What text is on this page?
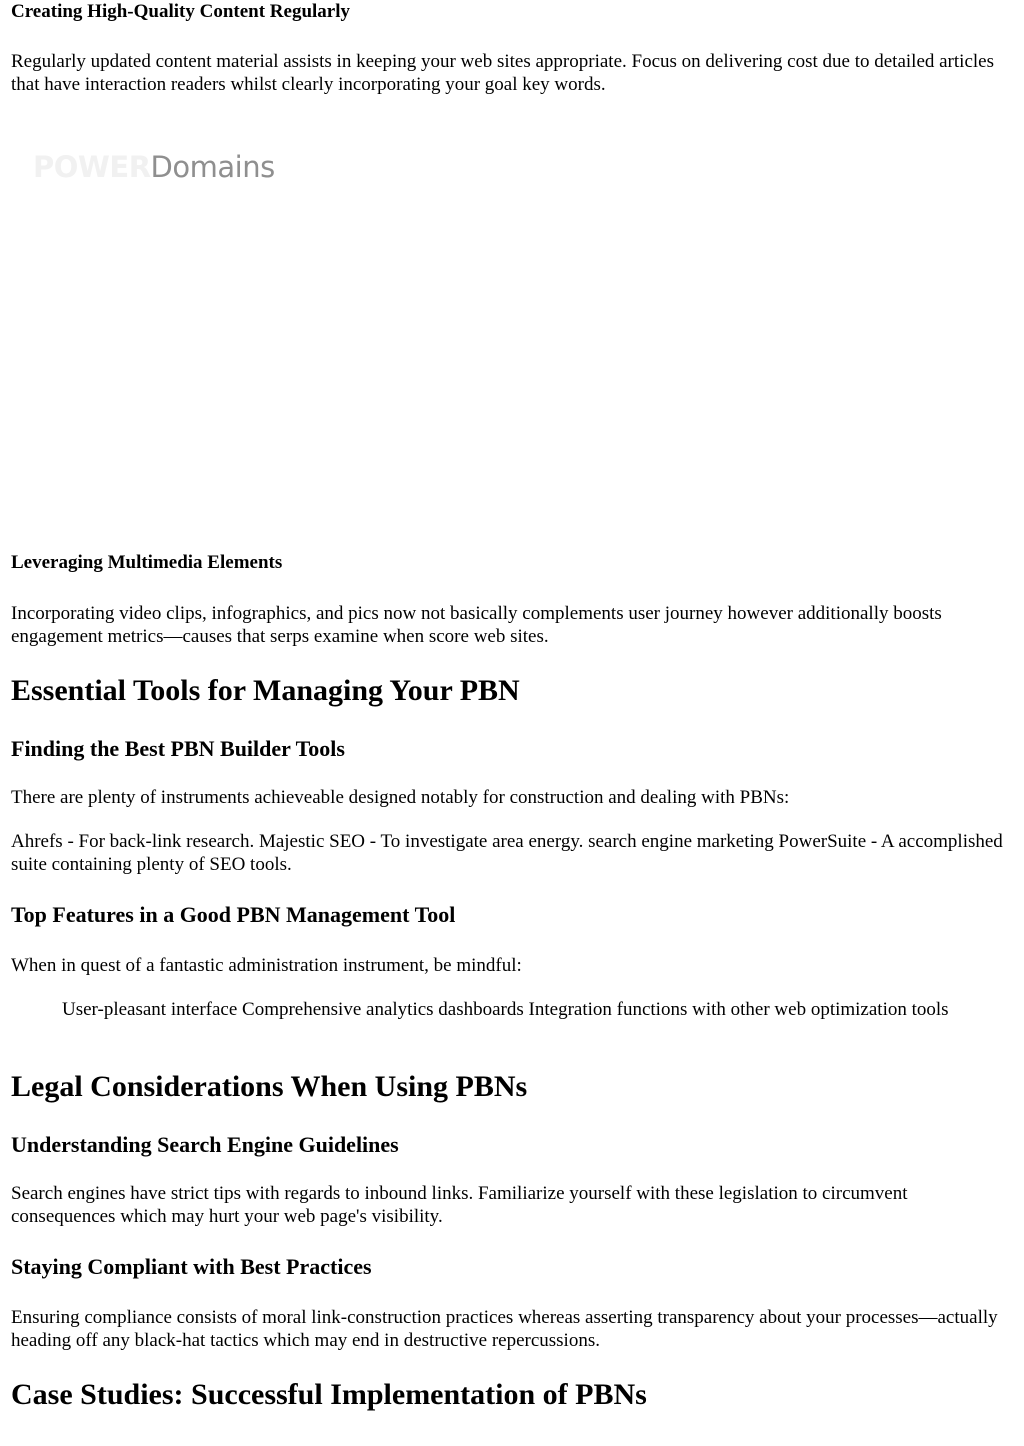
Creating High-Quality Content Regularly

Regularly updated content material assists in keeping your web sites appropriate. Focus on delivering cost due to detailed articles that have interaction readers whilst clearly incorporating your goal key words.

POWERDomains
Leveraging Multimedia Elements

Incorporating video clips, infographics, and pics now not basically complements user journey however additionally boosts engagement metrics—causes that serps examine when score web sites.

Essential Tools for Managing Your PBN
Finding the Best PBN Builder Tools

There are plenty of instruments achieveable designed notably for construction and dealing with PBNs:

Ahrefs - For back-link research. Majestic SEO - To investigate area energy. search engine marketing PowerSuite - A accomplished suite containing plenty of SEO tools.

Top Features in a Good PBN Management Tool

When in quest of a fantastic administration instrument, be mindful:

User-pleasant interface Comprehensive analytics dashboards Integration functions with other web optimization tools

Legal Considerations When Using PBNs
Understanding Search Engine Guidelines

Search engines have strict tips with regards to inbound links. Familiarize yourself with these legislation to circumvent consequences which may hurt your web page's visibility.

Staying Compliant with Best Practices

Ensuring compliance consists of moral link-construction practices whereas asserting transparency about your processes—actually heading off any black-hat tactics which may end in destructive repercussions.

Case Studies: Successful Implementation of PBNs
